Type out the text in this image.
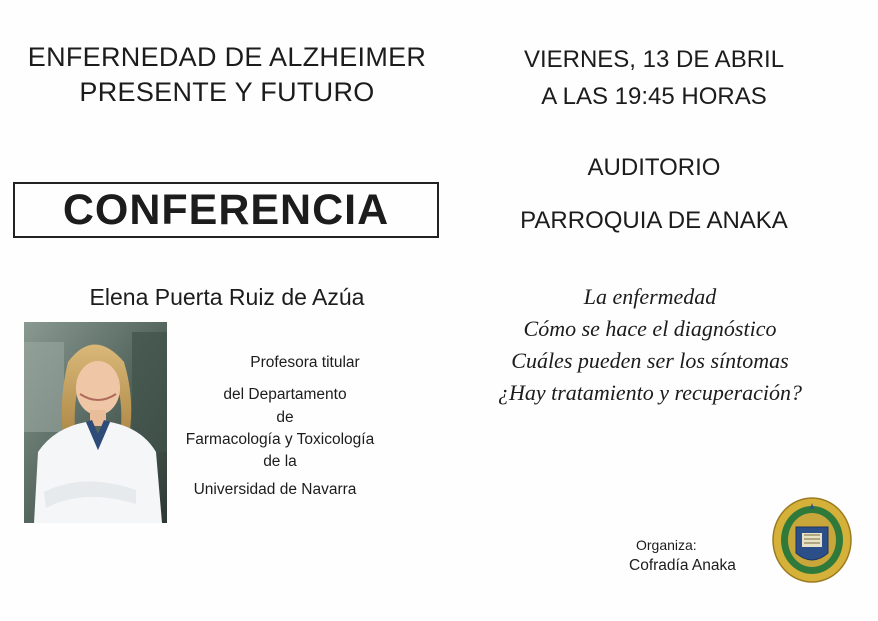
ENFERNEDAD DE ALZHEIMER
PRESENTE Y FUTURO
VIERNES, 13 DE ABRIL
A LAS 19:45 HORAS
AUDITORIO
PARROQUIA DE ANAKA
CONFERENCIA
Elena Puerta Ruiz de Azúa
Profesora titular
del Departamento
de
Farmacología y Toxicología
de la
Universidad de Navarra
La enfermedad
Cómo se hace el diagnóstico
Cuáles pueden ser los síntomas
¿Hay tratamiento y recuperación?
Organiza:
Cofradía Anaka
